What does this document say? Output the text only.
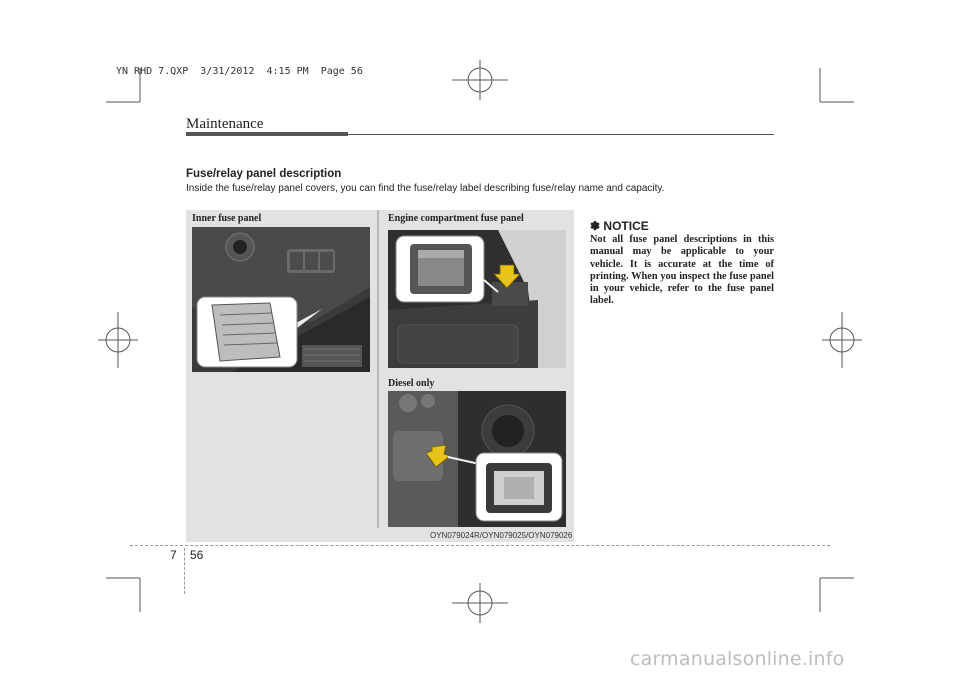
YN RHD 7.QXP  3/31/2012  4:15 PM  Page 56
Maintenance
Fuse/relay panel description
Inside the fuse/relay panel covers, you can find the fuse/relay label describing fuse/relay name and capacity.
Inner fuse panel	Engine compartment fuse panel
Diesel only
OYN079024R/OYN079025/OYN079026
✽ NOTICE
Not all fuse panel descriptions in this manual may be applicable to your vehicle. It is accurate at the time of printing. When you inspect the fuse panel in your vehicle, refer to the fuse panel label.
7 56
carmanualsonline.info
